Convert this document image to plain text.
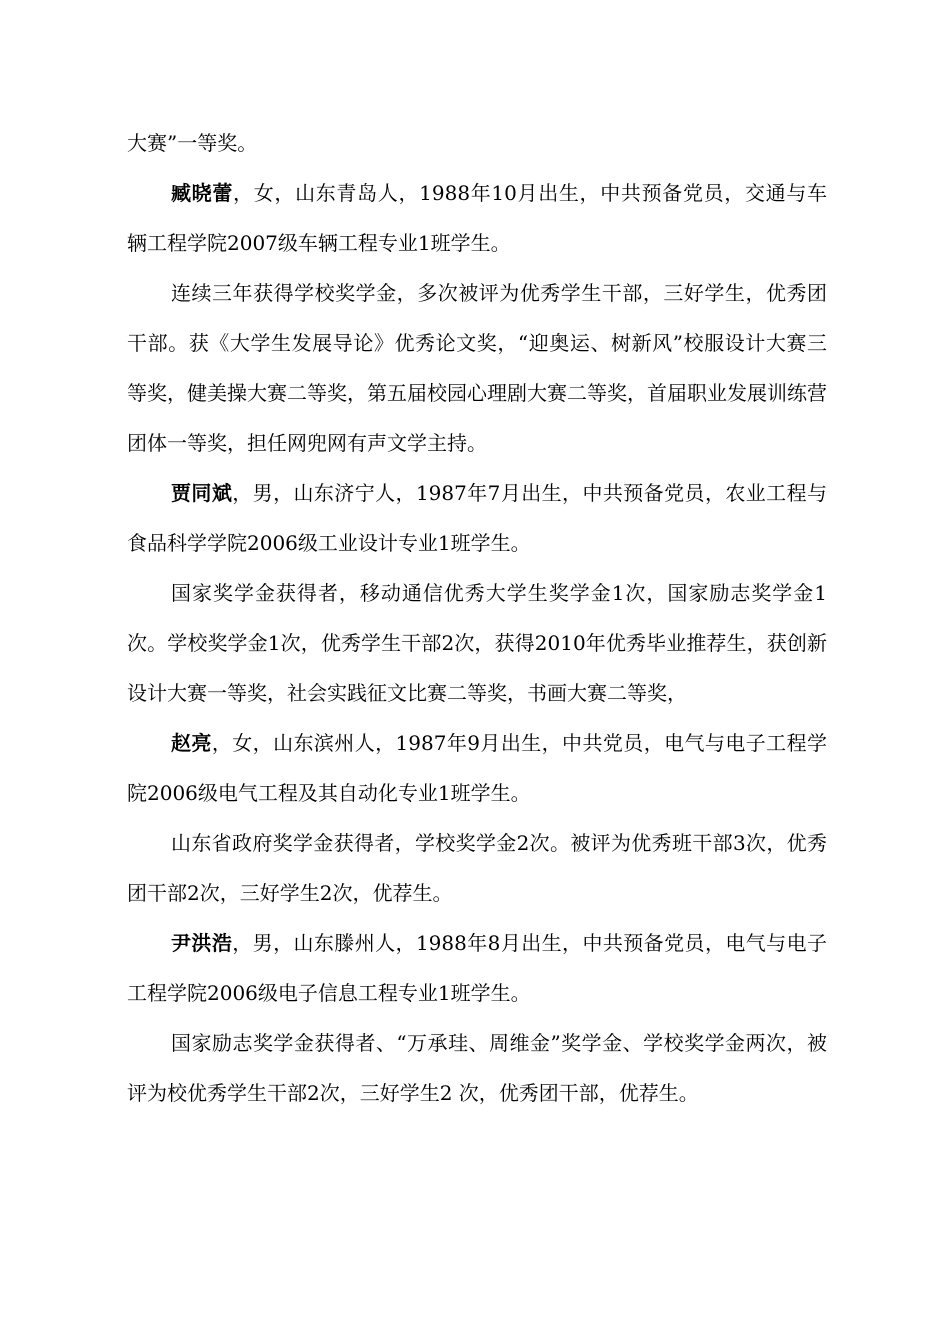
大赛”一等奖。

臧晓蕾，女，山东青岛人，1988年10月出生，中共预备党员，交通与车辆工程学院2007级车辆工程专业1班学生。

连续三年获得学校奖学金，多次被评为优秀学生干部，三好学生，优秀团干部。获《大学生发展导论》优秀论文奖，“迎奥运、树新风”校服设计大赛三等奖，健美操大赛二等奖，第五届校园心理剧大赛二等奖，首届职业发展训练营团体一等奖，担任网兜网有声文学主持。

贾同斌，男，山东济宁人，1987年7月出生，中共预备党员，农业工程与食品科学学院2006级工业设计专业1班学生。

国家奖学金获得者，移动通信优秀大学生奖学金1次，国家励志奖学金1次。学校奖学金1次，优秀学生干部2次，获得2010年优秀毕业推荐生，获创新设计大赛一等奖，社会实践征文比赛二等奖，书画大赛二等奖，

赵亮，女，山东滨州人，1987年9月出生，中共党员，电气与电子工程学院2006级电气工程及其自动化专业1班学生。

山东省政府奖学金获得者，学校奖学金2次。被评为优秀班干部3次，优秀团干部2次，三好学生2次，优荐生。

尹洪浩，男，山东滕州人，1988年8月出生，中共预备党员，电气与电子工程学院2006级电子信息工程专业1班学生。

国家励志奖学金获得者、“万承珪、周维金”奖学金、学校奖学金两次，被评为校优秀学生干部2次，三好学生2 次，优秀团干部，优荐生。
